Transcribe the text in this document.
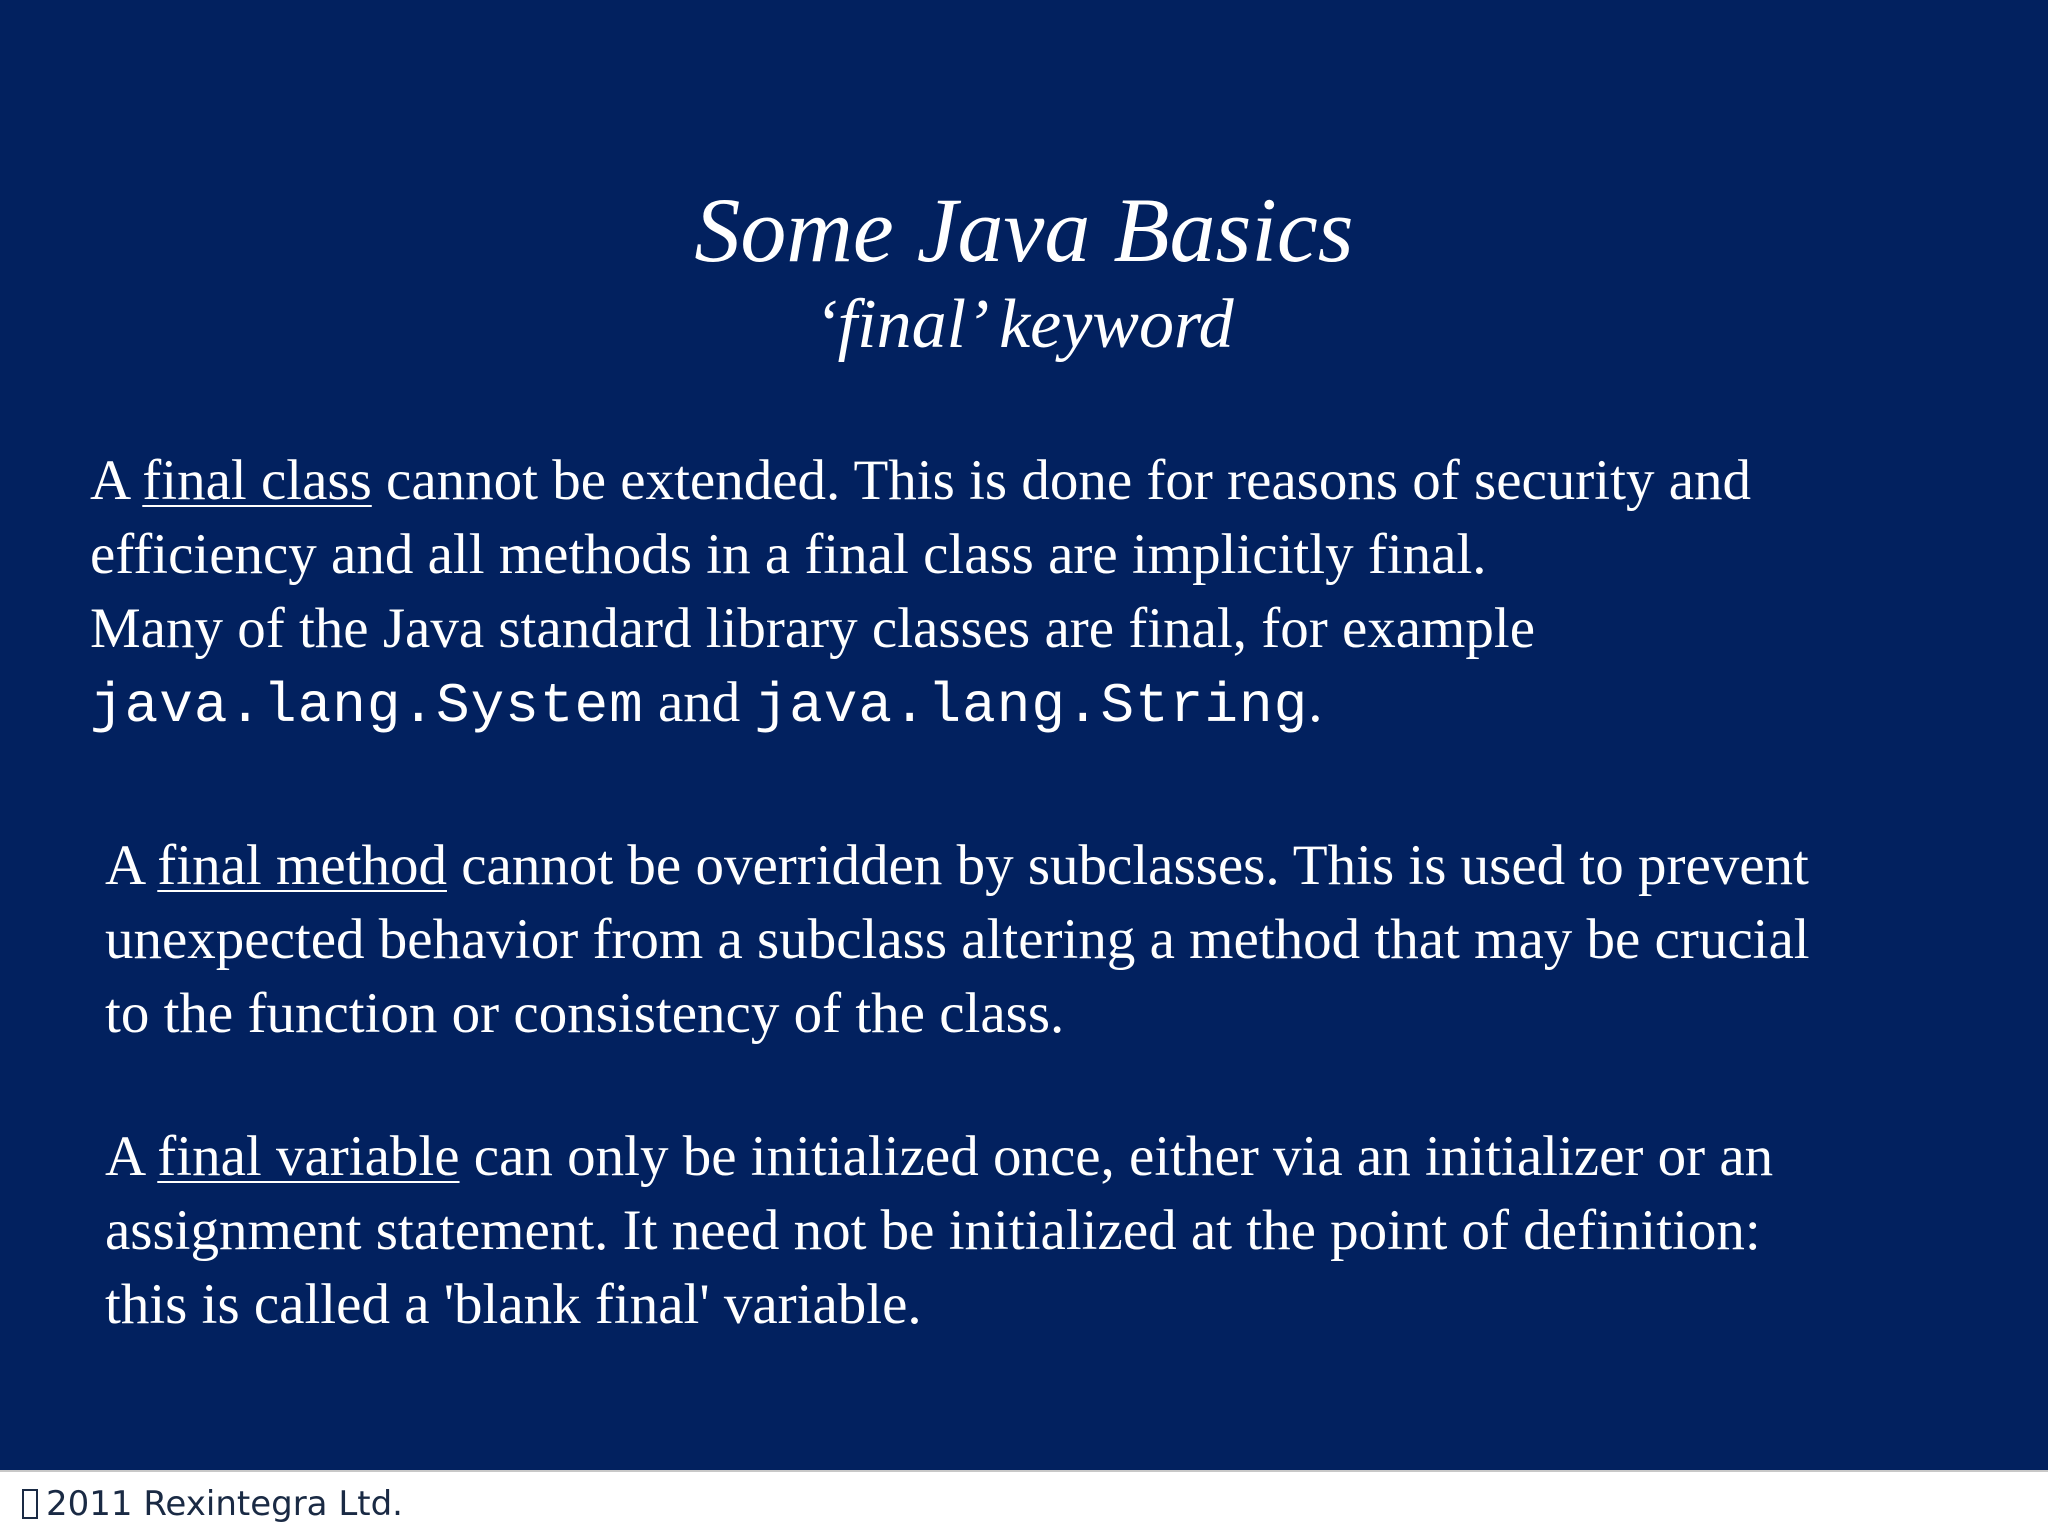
Some Java Basics
‘final’ keyword
A final class cannot be extended. This is done for reasons of security and
efficiency and all methods in a final class are implicitly final.
Many of the Java standard library classes are final, for example
java.lang.System and java.lang.String.
A final method cannot be overridden by subclasses. This is used to prevent
unexpected behavior from a subclass altering a method that may be crucial
to the function or consistency of the class.
A final variable can only be initialized once, either via an initializer or an
assignment statement. It need not be initialized at the point of definition:
this is called a 'blank final' variable.
2011 Rexintegra Ltd.
